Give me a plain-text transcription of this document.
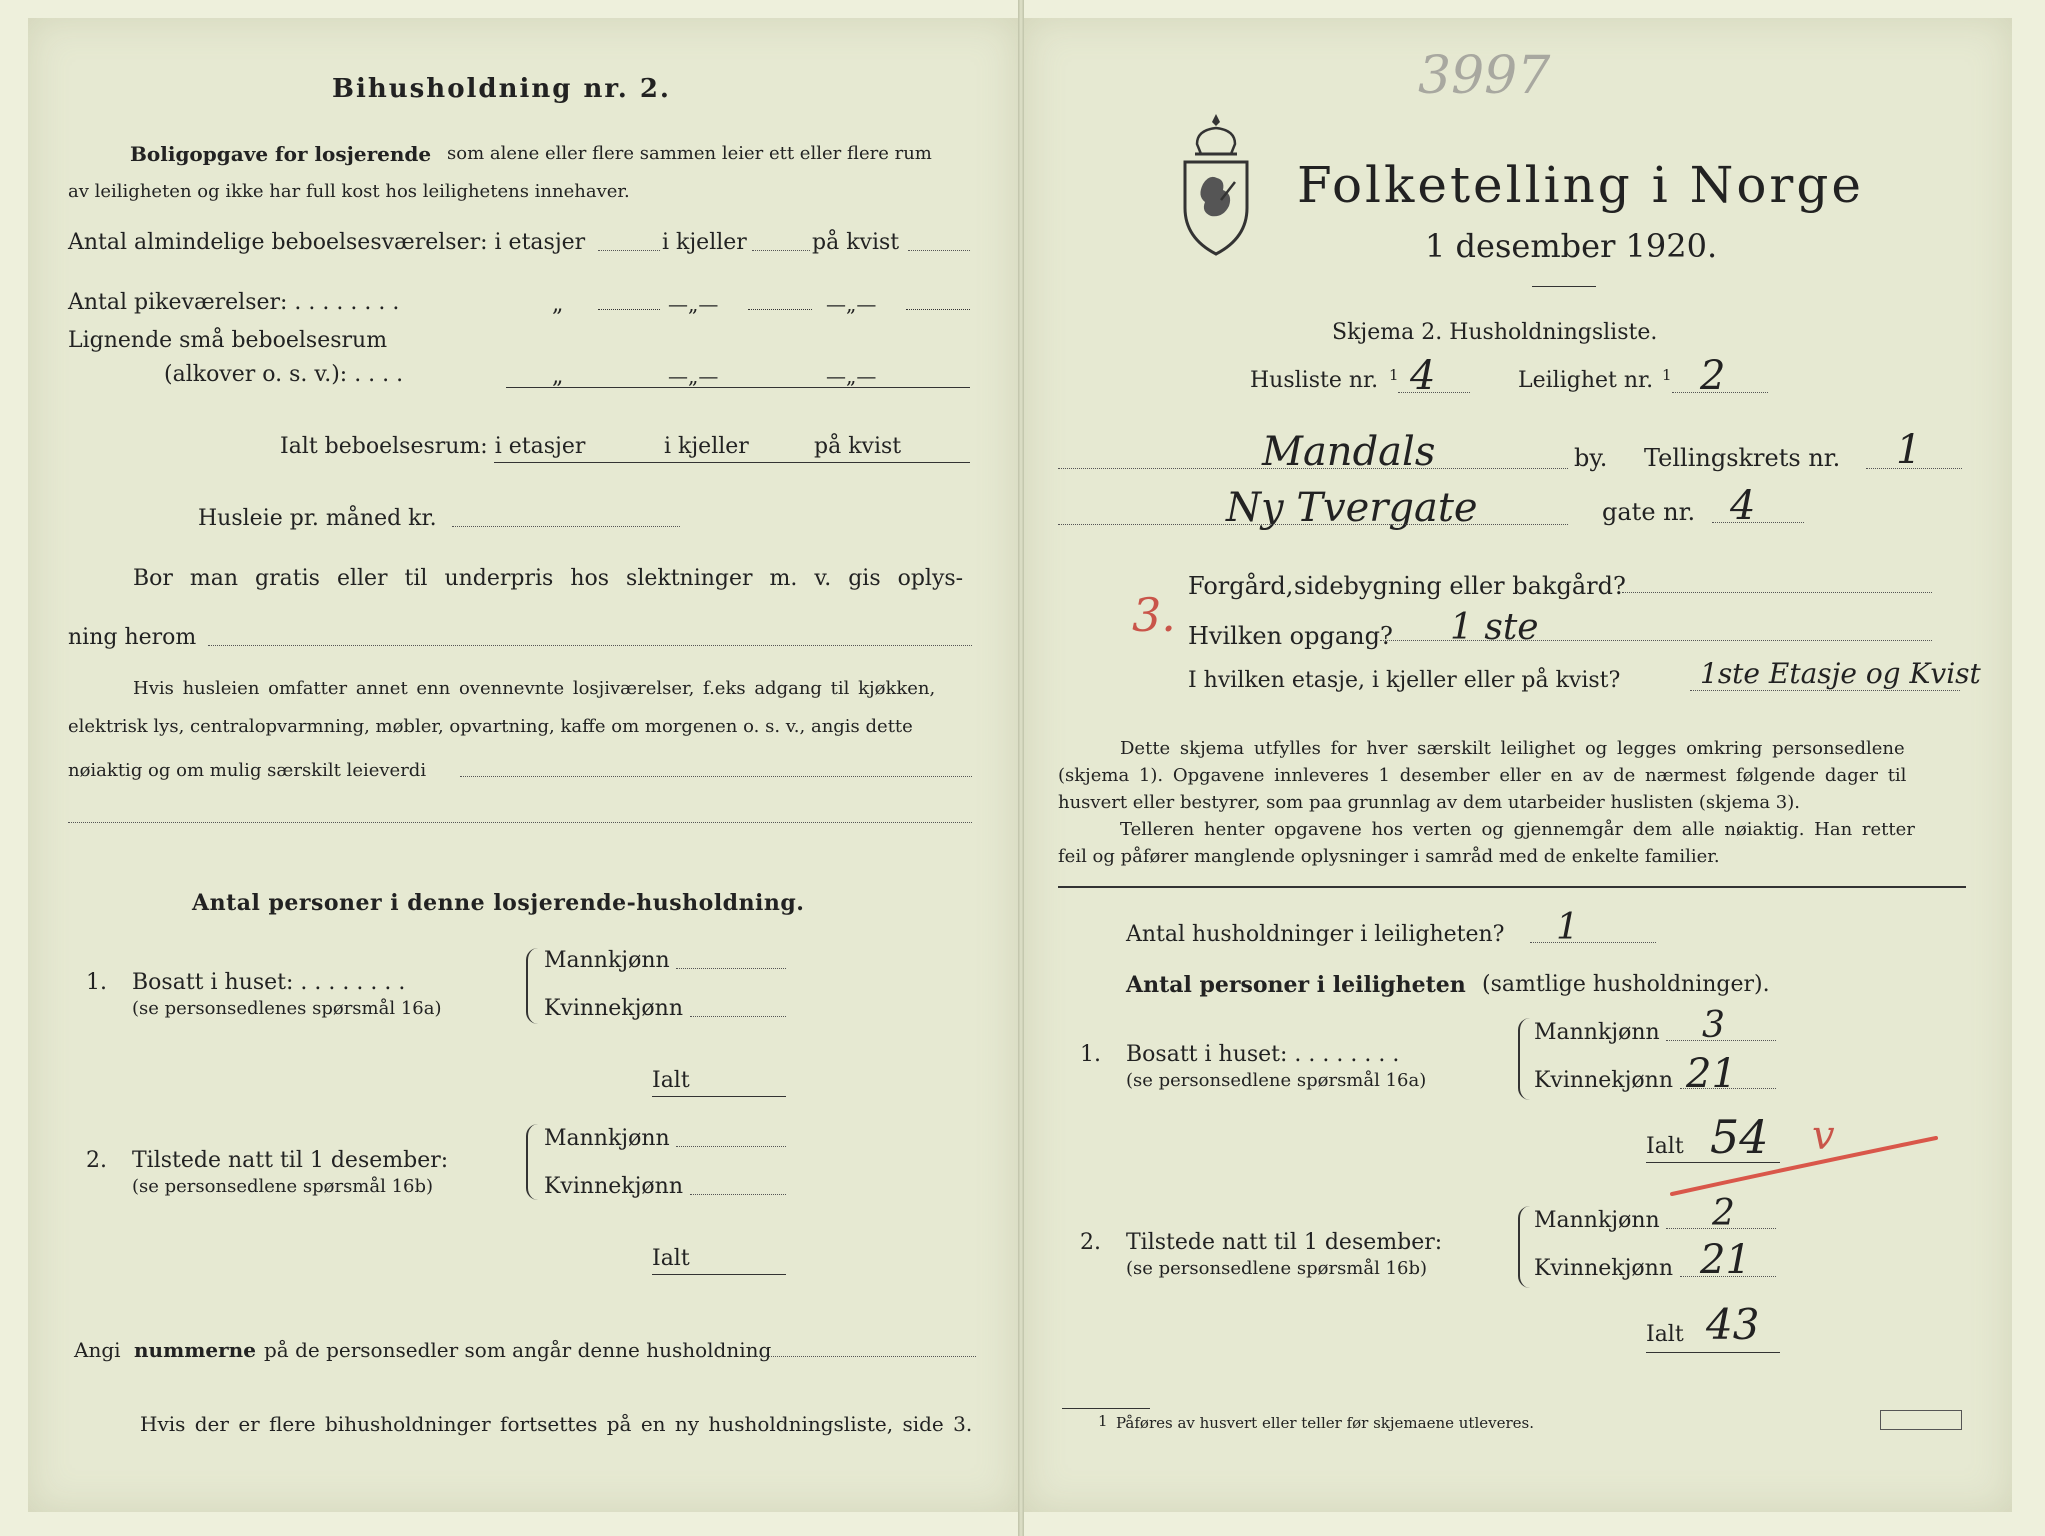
Bihusholdning nr. 2.
Boligopgave for losjerende som alene eller flere sammen leier ett eller flere rum
av leiligheten og ikke har full kost hos leilighetens innehaver.
Antal almindelige beboelsesværelser: i etasjer	i kjeller	på kvist
Antal pikeværelser: . . . . . . . .	„	—„—	—„—
Lignende små beboelsesrum
(alkover o. s. v.): . . . .	„	—„—	—„—
Ialt beboelsesrum: i etasjer	i kjeller	på kvist
Husleie pr. måned kr.
Bor man gratis eller til underpris hos slektninger m. v. gis oplys-
ning herom
Hvis husleien omfatter annet enn ovennevnte losjiværelser, f.eks adgang til kjøkken,
elektrisk lys, centralopvarmning, møbler, opvartning, kaffe om morgenen o. s. v., angis dette
nøiaktig og om mulig særskilt leieverdi
Antal personer i denne losjerende-husholdning.
1. Bosatt i huset: . . . . . . . .
(se personsedlenes spørsmål 16a)
Mannkjønn
Kvinnekjønn
Ialt
2. Tilstede natt til 1 desember:
(se personsedlene spørsmål 16b)
Mannkjønn
Kvinnekjønn
Ialt
Angi nummerne på de personsedler som angår denne husholdning
Hvis der er flere bihusholdninger fortsettes på en ny husholdningsliste, side 3.
3997
Folketelling i Norge
1 desember 1920.
Skjema 2. Husholdningsliste.
Husliste nr. 1 4	Leilighet nr. 1 2
Mandals	by. Tellingskrets nr. 1
Ny Tvergate	gate nr. 4
3.
Forgård, sidebygning eller bakgård?
Hvilken opgang? 1 ste
I hvilken etasje, i kjeller eller på kvist?	1ste Etasje og Kvist
Dette skjema utfylles for hver særskilt leilighet og legges omkring personsedlene
(skjema 1). Opgavene innleveres 1 desember eller en av de nærmest følgende dager til
husvert eller bestyrer, som paa grunnlag av dem utarbeider huslisten (skjema 3).
Telleren henter opgavene hos verten og gjennemgår dem alle nøiaktig. Han retter
feil og påfører manglende oplysninger i samråd med de enkelte familier.
Antal husholdninger i leiligheten? 1
Antal personer i leiligheten (samtlige husholdninger).
1. Bosatt i huset: . . . . . . . .
(se personsedlene spørsmål 16a)
Mannkjønn 3
Kvinnekjønn 21
Ialt 54 v
2. Tilstede natt til 1 desember:
(se personsedlene spørsmål 16b)
Mannkjønn 2
Kvinnekjønn 21
Ialt 43
1 Påføres av husvert eller teller før skjemaene utleveres.
